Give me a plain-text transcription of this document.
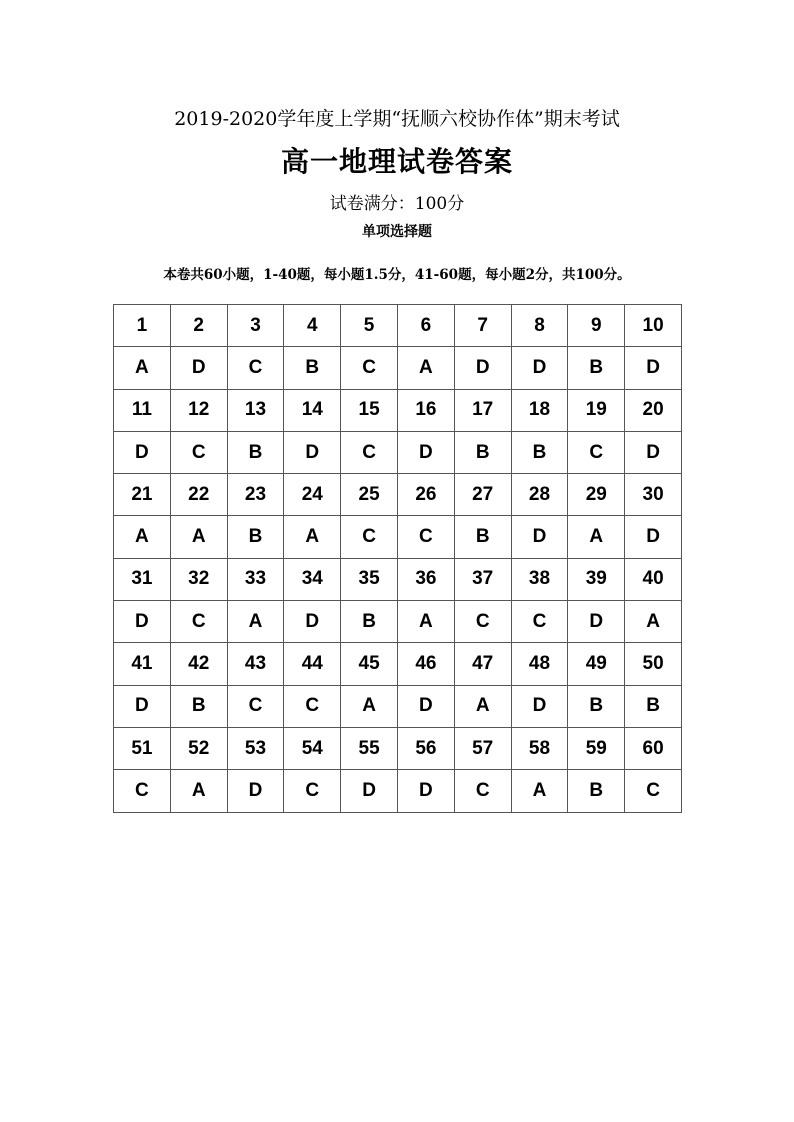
2019-2020学年度上学期“抚顺六校协作体”期末考试
高一地理试卷答案
试卷满分：100分
单项选择题
本卷共60小题，1-40题，每小题1.5分，41-60题，每小题2分，共100分。
1	2	3	4	5	6	7	8	9	10
A	D	C	B	C	A	D	D	B	D
11	12	13	14	15	16	17	18	19	20
D	C	B	D	C	D	B	B	C	D
21	22	23	24	25	26	27	28	29	30
A	A	B	A	C	C	B	D	A	D
31	32	33	34	35	36	37	38	39	40
D	C	A	D	B	A	C	C	D	A
41	42	43	44	45	46	47	48	49	50
D	B	C	C	A	D	A	D	B	B
51	52	53	54	55	56	57	58	59	60
C	A	D	C	D	D	C	A	B	C
